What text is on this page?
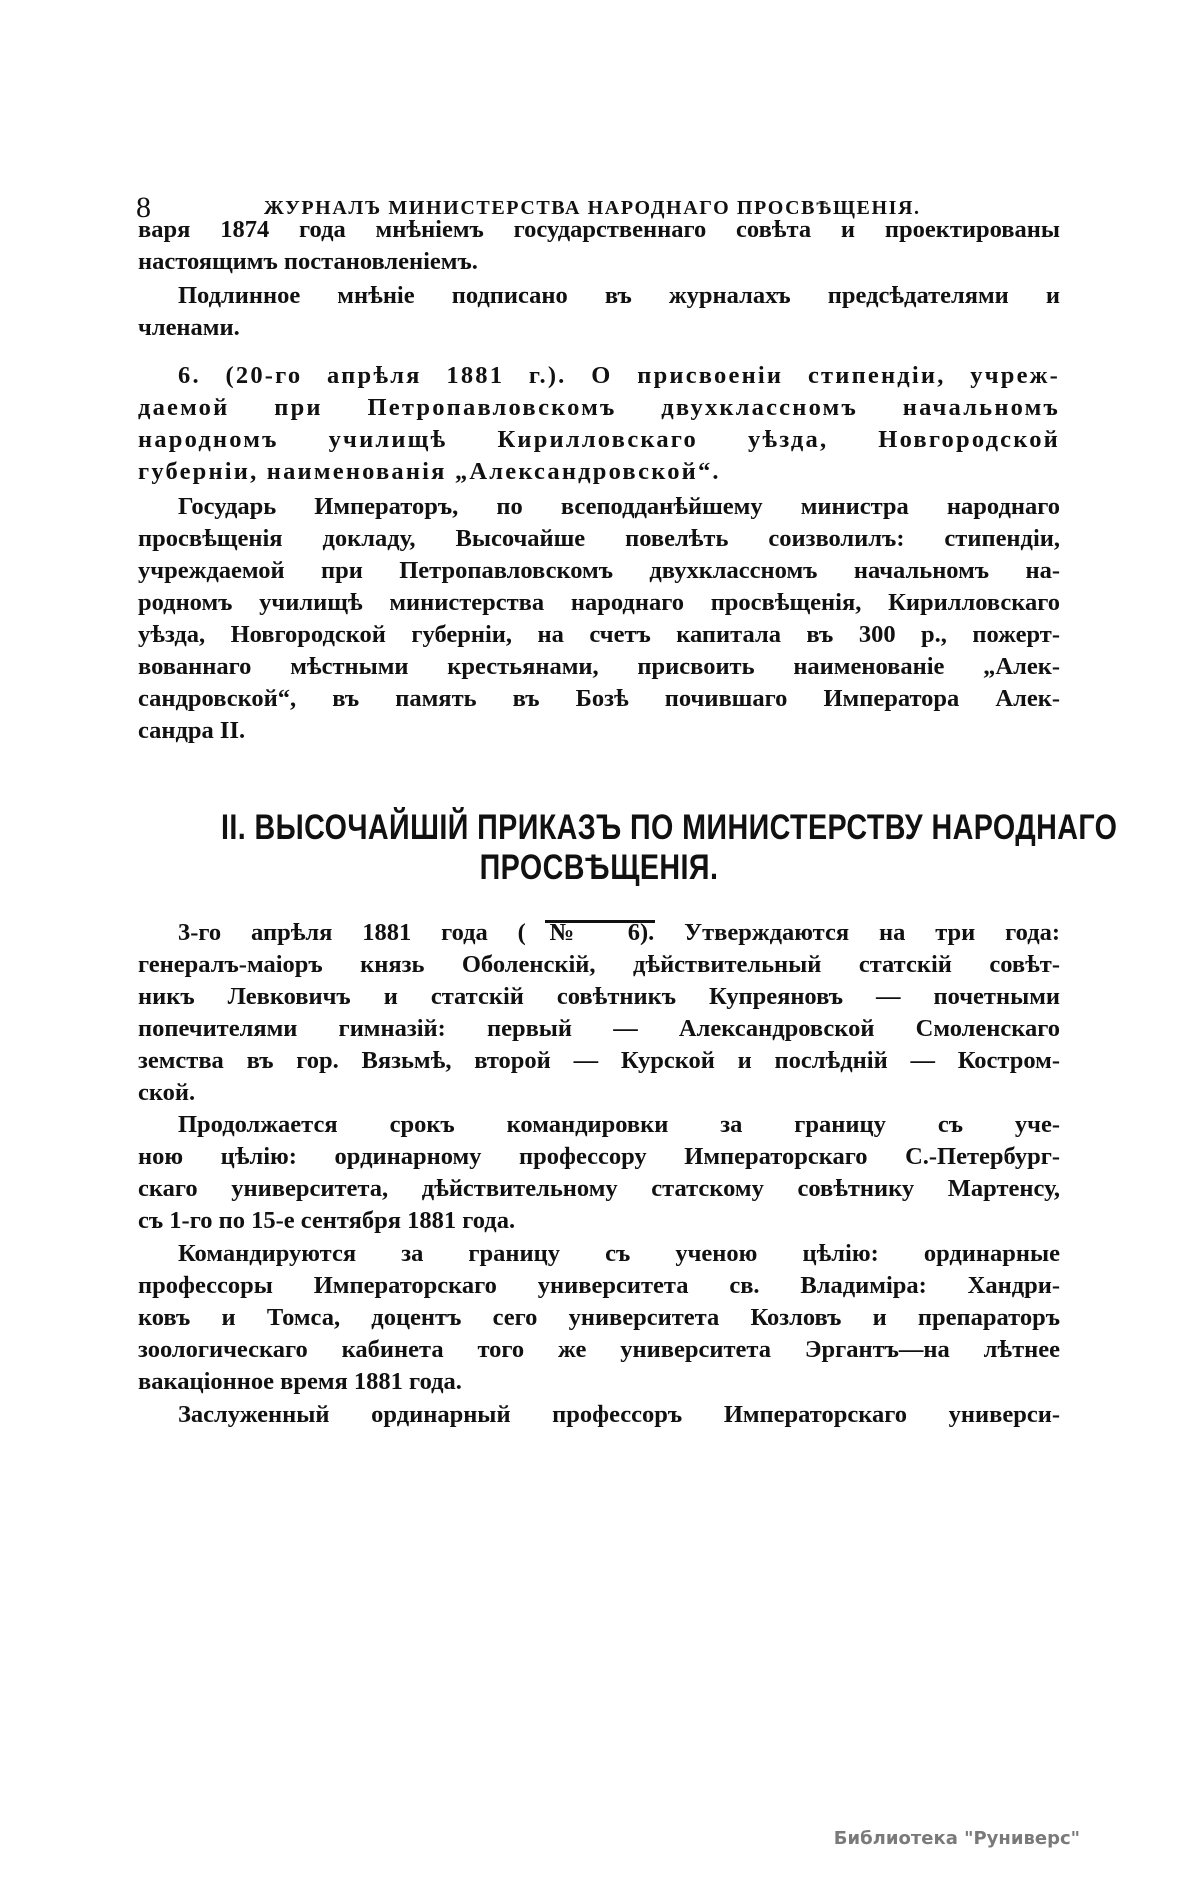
8	ЖУРНАЛЪ МИНИСТЕРСТВА НАРОДНАГО ПРОСВѢЩЕНІЯ.
варя 1874 года мнѣніемъ государственнаго совѣта и проектированы
настоящимъ постановленіемъ.
Подлинное мнѣніе подписано въ журналахъ предсѣдателями и
членами.
6. (20-го апрѣля 1881 г.). О присвоеніи стипендіи, учреж-
даемой при Петропавловскомъ двухклассномъ начальномъ
народномъ училищѣ Кирилловскаго уѣзда, Новгородской
губерніи, наименованія „Александровской“.
Государь Императоръ, по всеподданѣйшему министра народнаго
просвѣщенія докладу, Высочайше повелѣть соизволилъ: стипендіи,
учреждаемой при Петропавловскомъ двухклассномъ начальномъ на-
родномъ училищѣ министерства народнаго просвѣщенія, Кирилловскаго
уѣзда, Новгородской губерніи, на счетъ капитала въ 300 р., пожерт-
вованнаго мѣстными крестьянами, присвоить наименованіе „Алек-
сандровской“, въ память въ Бозѣ почившаго Императора Алек-
сандра II.
II. ВЫСОЧАЙШІЙ ПРИКАЗЪ ПО МИНИСТЕРСТВУ НАРОДНАГО
ПРОСВѢЩЕНІЯ.
3-го апрѣля 1881 года (№ 6). Утверждаются на три года:
генералъ-маіоръ князь Оболенскій, дѣйствительный статскій совѣт-
никъ Левковичъ и статскій совѣтникъ Купреяновъ — почетными
попечителями гимназій: первый — Александровской Смоленскаго
земства въ гор. Вязьмѣ, второй — Курской и послѣдній — Костром-
ской.
Продолжается срокъ командировки за границу съ уче-
ною цѣлію: ординарному профессору Императорскаго С.-Петербург-
скаго университета, дѣйствительному статскому совѣтнику Мартенсу,
съ 1-го по 15-е сентября 1881 года.
Командируются за границу съ ученою цѣлію: ординарные
профессоры Императорскаго университета св. Владиміра: Хандри-
ковъ и Томса, доцентъ сего университета Козловъ и препараторъ
зоологическаго кабинета того же университета Эргантъ—на лѣтнее
вакаціонное время 1881 года.
Заслуженный ординарный профессоръ Императорскаго универси-
Библиотека "Руниверс"
